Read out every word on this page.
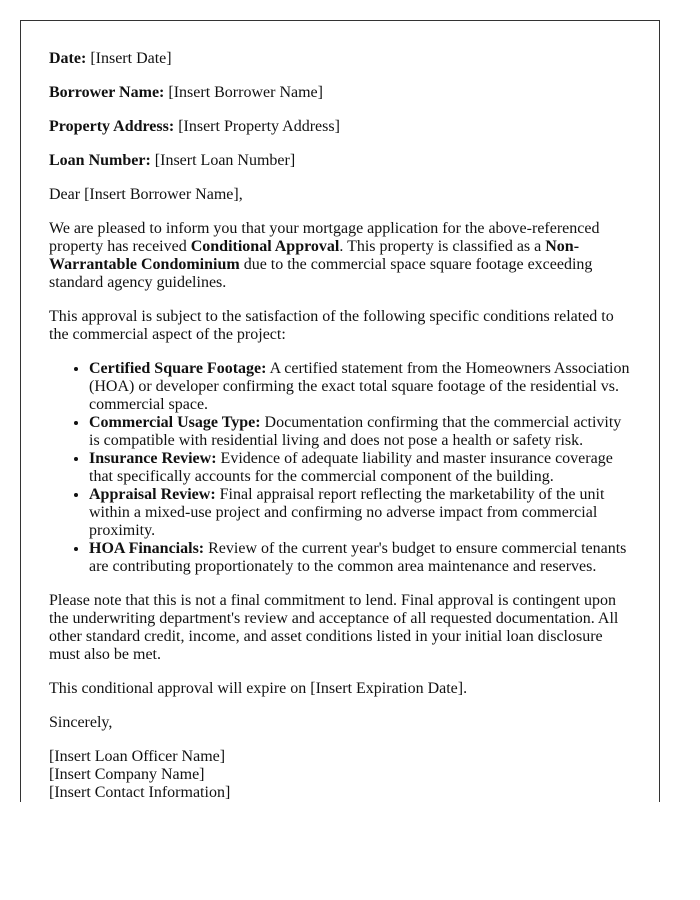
Date: [Insert Date]

Borrower Name: [Insert Borrower Name]

Property Address: [Insert Property Address]

Loan Number: [Insert Loan Number]

Dear [Insert Borrower Name],

We are pleased to inform you that your mortgage application for the above-referenced property has received Conditional Approval. This property is classified as a Non-Warrantable Condominium due to the commercial space square footage exceeding standard agency guidelines.

This approval is subject to the satisfaction of the following specific conditions related to the commercial aspect of the project:

• Certified Square Footage: A certified statement from the Homeowners Association (HOA) or developer confirming the exact total square footage of the residential vs. commercial space.
• Commercial Usage Type: Documentation confirming that the commercial activity is compatible with residential living and does not pose a health or safety risk.
• Insurance Review: Evidence of adequate liability and master insurance coverage that specifically accounts for the commercial component of the building.
• Appraisal Review: Final appraisal report reflecting the marketability of the unit within a mixed-use project and confirming no adverse impact from commercial proximity.
• HOA Financials: Review of the current year's budget to ensure commercial tenants are contributing proportionately to the common area maintenance and reserves.

Please note that this is not a final commitment to lend. Final approval is contingent upon the underwriting department's review and acceptance of all requested documentation. All other standard credit, income, and asset conditions listed in your initial loan disclosure must also be met.

This conditional approval will expire on [Insert Expiration Date].

Sincerely,

[Insert Loan Officer Name]

[Insert Company Name]

[Insert Contact Information]
